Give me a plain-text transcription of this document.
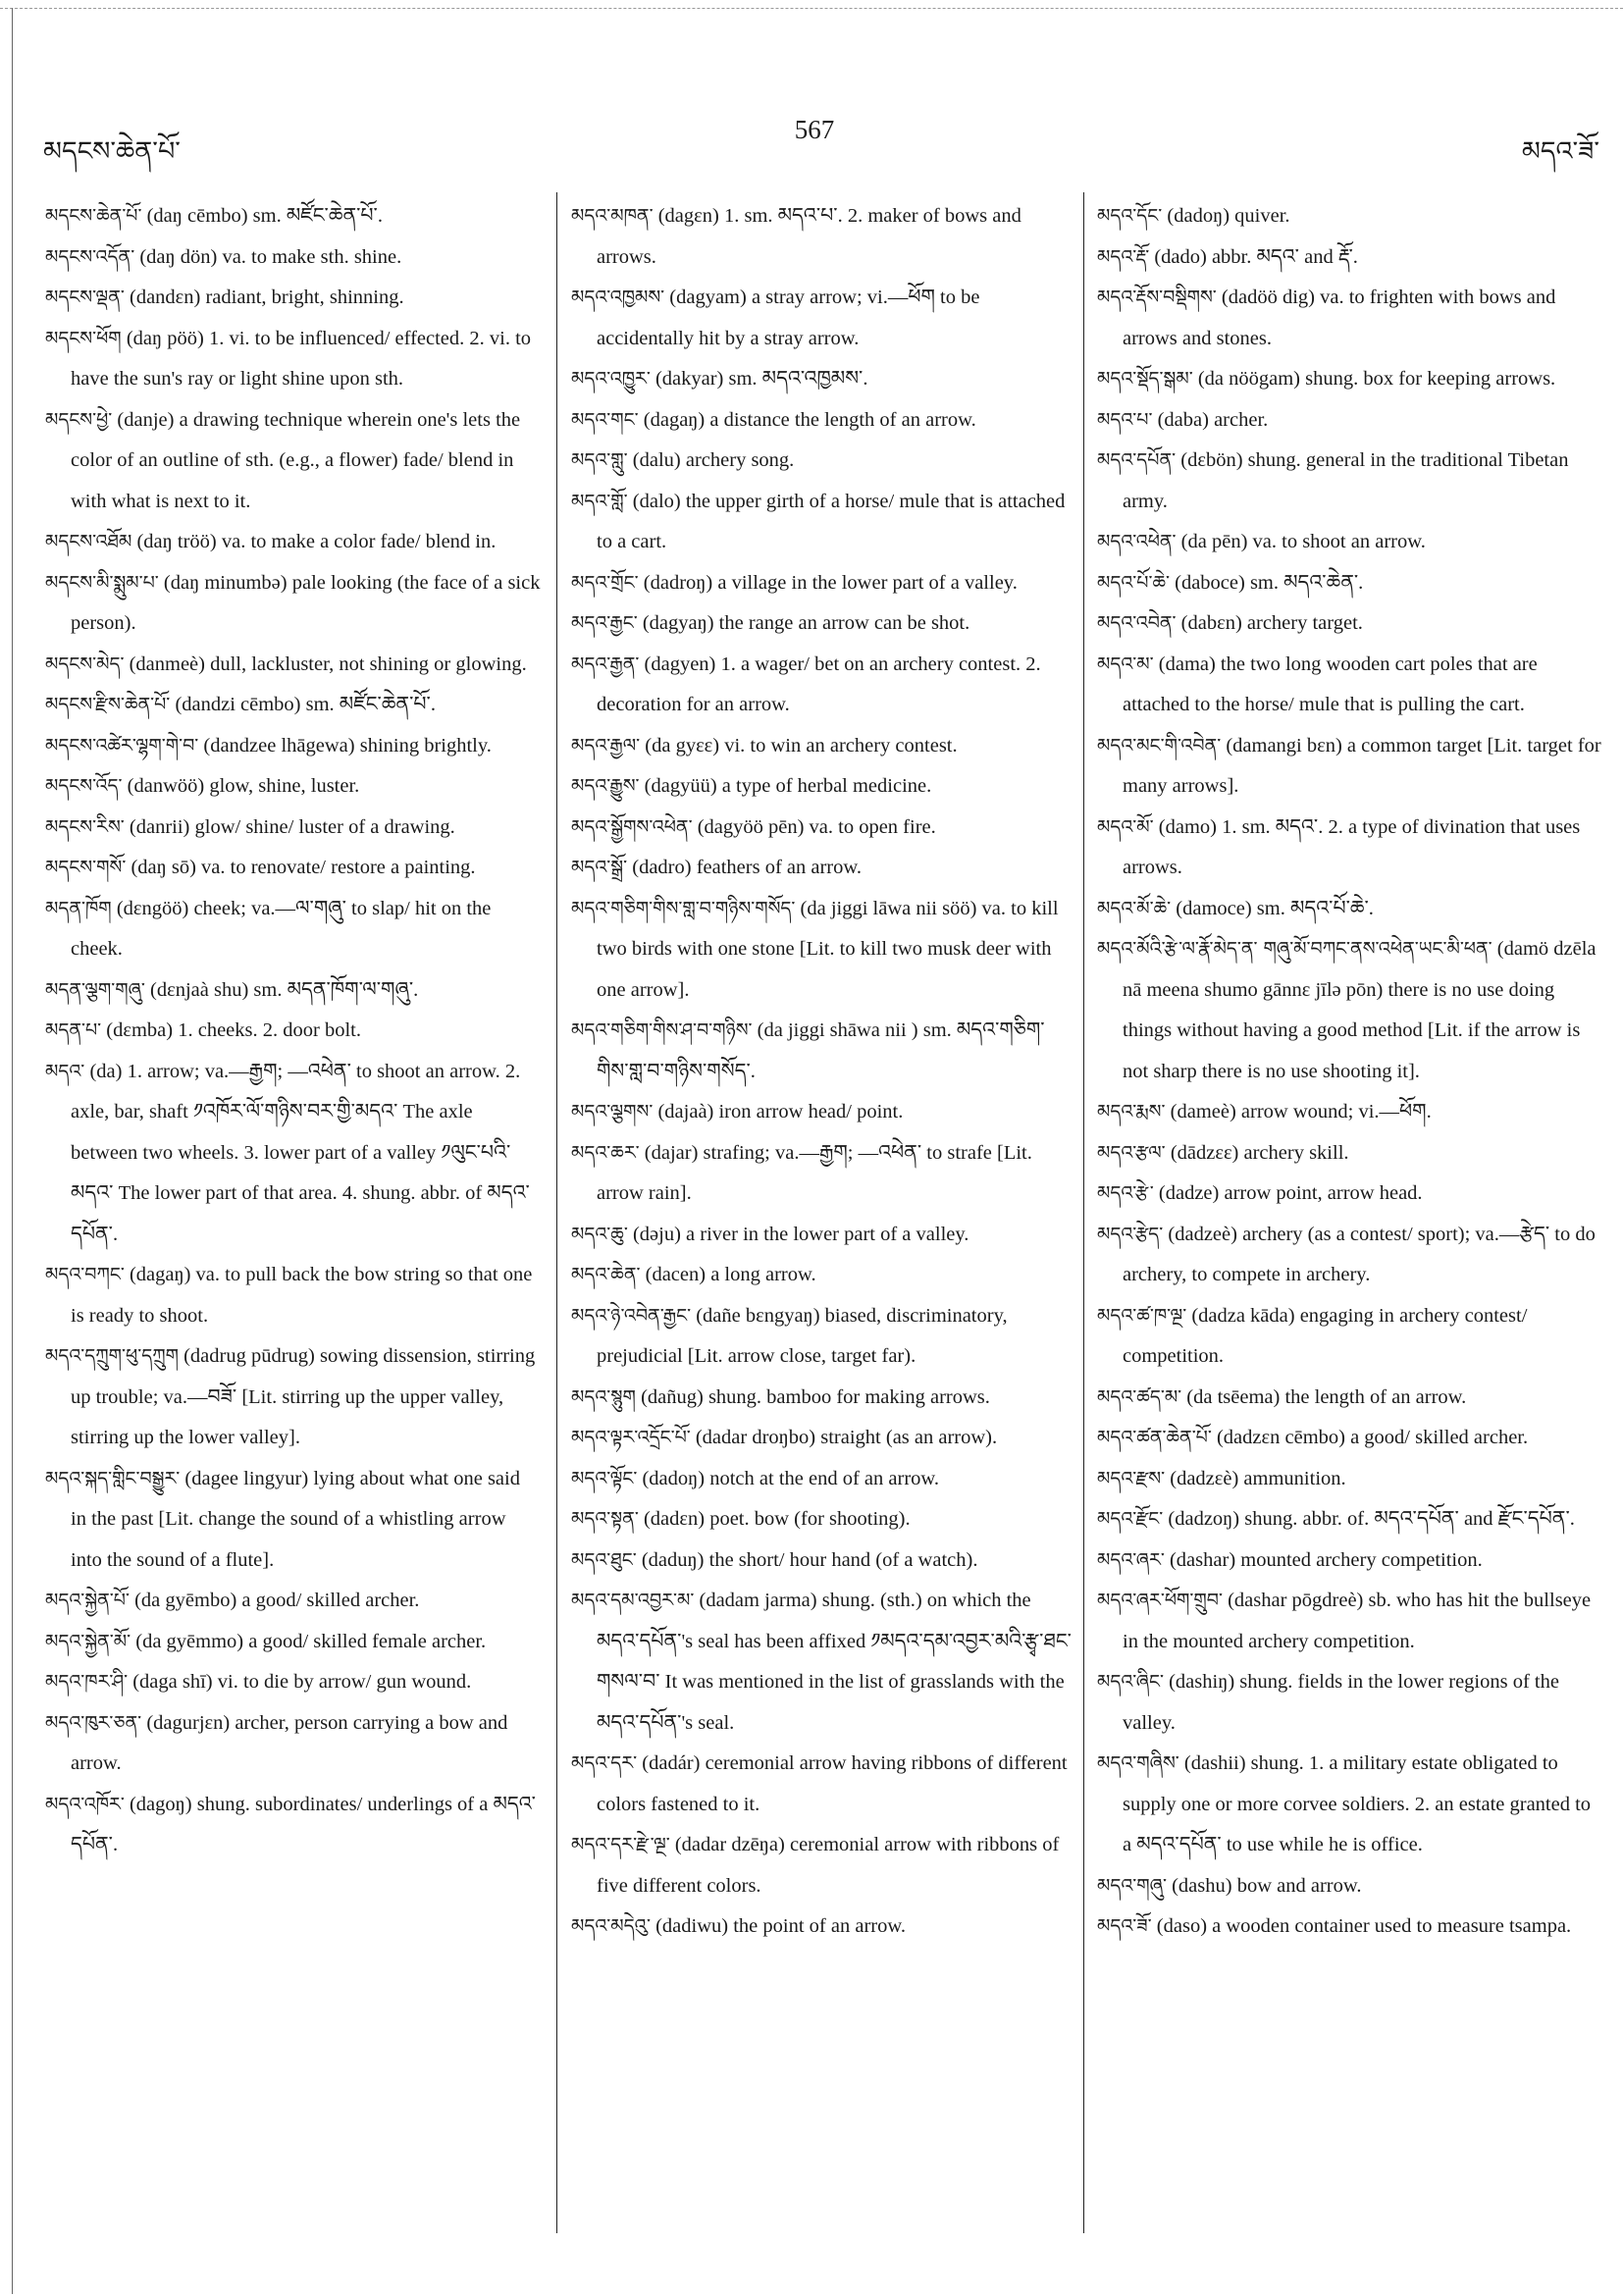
མདངས་ཆེན་པོ་
567
མདའ་ཟོ་

མདངས་ཆེན་པོ་ (daŋ cēmbo) sm. མཛོང་ཆེན་པོ་.

མདངས་འདོན་ (daŋ dön) va. to make sth. shine.

མདངས་ལྡན་ (dandɛn) radiant, bright, shinning.

མདངས་ཕོག (daŋ pöö) 1. vi. to be influenced/ effected. 2. vi. to have the sun's ray or light shine upon sth.

མདངས་ཕྱེ་ (danje) a drawing technique wherein one's lets the color of an outline of sth. (e.g., a flower) fade/ blend in with what is next to it.

མདངས་འཐོམ (daŋ tröö) va. to make a color fade/ blend in.

མདངས་མི་སྨུམ་པ་ (daŋ minumbə) pale looking (the face of a sick person).

མདངས་མེད་ (danmeè) dull, lackluster, not shining or glowing.

མདངས་རྫིས་ཆེན་པོ་ (dandzi cēmbo) sm. མཛོང་ཆེན་པོ་.

མདངས་འཚེར་ལྷག་གེ་བ་ (dandzee lhāgewa) shining brightly.

མདངས་འོད་ (danwöö) glow, shine, luster.

མདངས་རིས་ (danrii) glow/ shine/ luster of a drawing.

མདངས་གསོ་ (daŋ sō) va. to renovate/ restore a painting.

མདན་ཁོག (dɛngöö) cheek; va.—ལ་གཞུ་ to slap/ hit on the cheek.

མདན་ལྕག་གཞུ་ (dɛnjaà shu) sm. མདན་ཁོག་ལ་གཞུ་.

མདན་པ་ (dɛmba) 1. cheeks. 2. door bolt.

མདའ་ (da) 1. arrow; va.—རྒྱག; —འཕེན་ to shoot an arrow. 2. axle, bar, shaft ༡འཁོར་ལོ་གཉིས་བར་གྱི་མདའ་ The axle between two wheels. 3. lower part of a valley ༡ལུང་པའི་མདའ་ The lower part of that area. 4. shung. abbr. of མདའ་དཔོན་.

མདའ་བཀང་ (dagaŋ) va. to pull back the bow string so that one is ready to shoot.

མདའ་དཀྲུག་ཕུ་དཀྲུག (dadrug pūdrug) sowing dissension, stirring up trouble; va.—བཟོ་ [Lit. stirring up the upper valley, stirring up the lower valley].

མདའ་སྐད་གླིང་བསྒྱུར་ (dagee lingyur) lying about what one said in the past [Lit. change the sound of a whistling arrow into the sound of a flute].

མདའ་སྐྱེན་པོ་ (da gyēmbo) a good/ skilled archer.

མདའ་སྐྱེན་མོ་ (da gyēmmo) a good/ skilled female archer.

མདའ་ཁར་ཤི་ (daga shī) vi. to die by arrow/ gun wound.

མདའ་ཁུར་ཅན་ (dagurjɛn) archer, person carrying a bow and arrow.

མདའ་འཁོར་ (dagoŋ) shung. subordinates/ underlings of a མདའ་དཔོན་.

མདའ་མཁན་ (dagɛn) 1. sm. མདའ་པ་. 2. maker of bows and arrows.

མདའ་འཁྱམས་ (dagyam) a stray arrow; vi.—ཕོག to be accidentally hit by a stray arrow.

མདའ་འཁྱུར་ (dakyar) sm. མདའ་འཁྱམས་.

མདའ་གང་ (dagaŋ) a distance the length of an arrow.

མདའ་གླུ་ (dalu) archery song.

མདའ་གློ་ (dalo) the upper girth of a horse/ mule that is attached to a cart.

མདའ་གྲོང་ (dadroŋ) a village in the lower part of a valley.

མདའ་རྒྱང་ (dagyaŋ) the range an arrow can be shot.

མདའ་རྒྱན་ (dagyen) 1. a wager/ bet on an archery contest. 2. decoration for an arrow.

མདའ་རྒྱལ་ (da gyɛɛ) vi. to win an archery contest.

མདའ་རྒྱུས་ (dagyüü) a type of herbal medicine.

མདའ་སྒྱོགས་འཕེན་ (dagyöö pēn) va. to open fire.

མདའ་སྒྲོ་ (dadro) feathers of an arrow.

མདའ་གཅིག་གིས་གླ་བ་གཉིས་གསོད་ (da jiggi lāwa nii söö) va. to kill two birds with one stone [Lit. to kill two musk deer with one arrow].

མདའ་གཅིག་གིས་ཤ་བ་གཉིས་ (da jiggi shāwa nii ) sm. མདའ་གཅིག་གིས་གླ་བ་གཉིས་གསོད་.

མདའ་ལྕགས་ (dajaà) iron arrow head/ point.

མདའ་ཆར་ (dajar) strafing; va.—རྒྱག; —འཕེན་ to strafe [Lit. arrow rain].

མདའ་ཆུ་ (dəju) a river in the lower part of a valley.

མདའ་ཆེན་ (dacen) a long arrow.

མདའ་ཉེ་འབེན་རྒྱང་ (dañe bɛngyaŋ) biased, discriminatory, prejudicial [Lit. arrow close, target far).

མདའ་སྙུག (dañug) shung. bamboo for making arrows.

མདའ་ལྟར་འདྲོང་པོ་ (dadar droŋbo) straight (as an arrow).

མདའ་ལྟོང་ (dadoŋ) notch at the end of an arrow.

མདའ་སྟན་ (dadɛn) poet. bow (for shooting).

མདའ་ཐུང་ (daduŋ) the short/ hour hand (of a watch).

མདའ་དམ་འབྱར་མ་ (dadam jarma) shung. (sth.) on which the མདའ་དཔོན་'s seal has been affixed ༡མདའ་དམ་འབྱར་མའི་རྩྭ་ཐང་གསལ་བ་ It was mentioned in the list of grasslands with the མདའ་དཔོན་'s seal.

མདའ་དར་ (dadár) ceremonial arrow having ribbons of different colors fastened to it.

མདའ་དར་རྫེ་ལྔ་ (dadar dzēŋa) ceremonial arrow with ribbons of five different colors.

མདའ་མདེའུ་ (dadiwu) the point of an arrow.

མདའ་དོང་ (dadoŋ) quiver.

མདའ་རྡོ་ (dado) abbr. མདའ་ and རྡོ་.

མདའ་རྡོས་བསྡིགས་ (dadöö dig) va. to frighten with bows and arrows and stones.

མདའ་སྡོད་སྒམ་ (da nöögam) shung. box for keeping arrows.

མདའ་པ་ (daba) archer.

མདའ་དཔོན་ (dɛbön) shung. general in the traditional Tibetan army.

མདའ་འཕེན་ (da pēn) va. to shoot an arrow.

མདའ་པོ་ཆེ་ (daboce) sm. མདའ་ཆེན་.

མདའ་འབེན་ (dabɛn) archery target.

མདའ་མ་ (dama) the two long wooden cart poles that are attached to the horse/ mule that is pulling the cart.

མདའ་མང་གི་འབེན་ (damangi bɛn) a common target [Lit. target for many arrows].

མདའ་མོ་ (damo) 1. sm. མདའ་. 2. a type of divination that uses arrows.

མདའ་མོ་ཆེ་ (damoce) sm. མདའ་པོ་ཆེ་.

མདའ་མོའི་རྩེ་ལ་རྣོ་མེད་ན་ གཞུ་མོ་བཀང་ནས་འཕེན་ཡང་མི་ཕན་ (damö dzēla nā meena shumo gānnɛ jīlə pōn) there is no use doing things without having a good method [Lit. if the arrow is not sharp there is no use shooting it].

མདའ་རྨས་ (dameè) arrow wound; vi.—ཕོག.

མདའ་རྩལ་ (dādzɛɛ) archery skill.

མདའ་རྩེ་ (dadze) arrow point, arrow head.

མདའ་རྩེད་ (dadzeè) archery (as a contest/ sport); va.—རྩེད་ to do archery, to compete in archery.

མདའ་ཚ་ཁ་ལྔ་ (dadza kāda) engaging in archery contest/ competition.

མདའ་ཚད་མ་ (da tsēema) the length of an arrow.

མདའ་ཚན་ཆེན་པོ་ (dadzɛn cēmbo) a good/ skilled archer.

མདའ་རྫས་ (dadzɛè) ammunition.

མདའ་རྫོང་ (dadzoŋ) shung. abbr. of. མདའ་དཔོན་ and རྫོང་དཔོན་.

མདའ་ཞར་ (dashar) mounted archery competition.

མདའ་ཞར་ཕོག་གྲུབ་ (dashar pōgdreè) sb. who has hit the bullseye in the mounted archery competition.

མདའ་ཞིང་ (dashiŋ) shung. fields in the lower regions of the valley.

མདའ་གཞིས་ (dashii) shung. 1. a military estate obligated to supply one or more corvee soldiers. 2. an estate granted to a མདའ་དཔོན་ to use while he is office.

མདའ་གཞུ་ (dashu) bow and arrow.

མདའ་ཟོ་ (daso) a wooden container used to measure tsampa.
